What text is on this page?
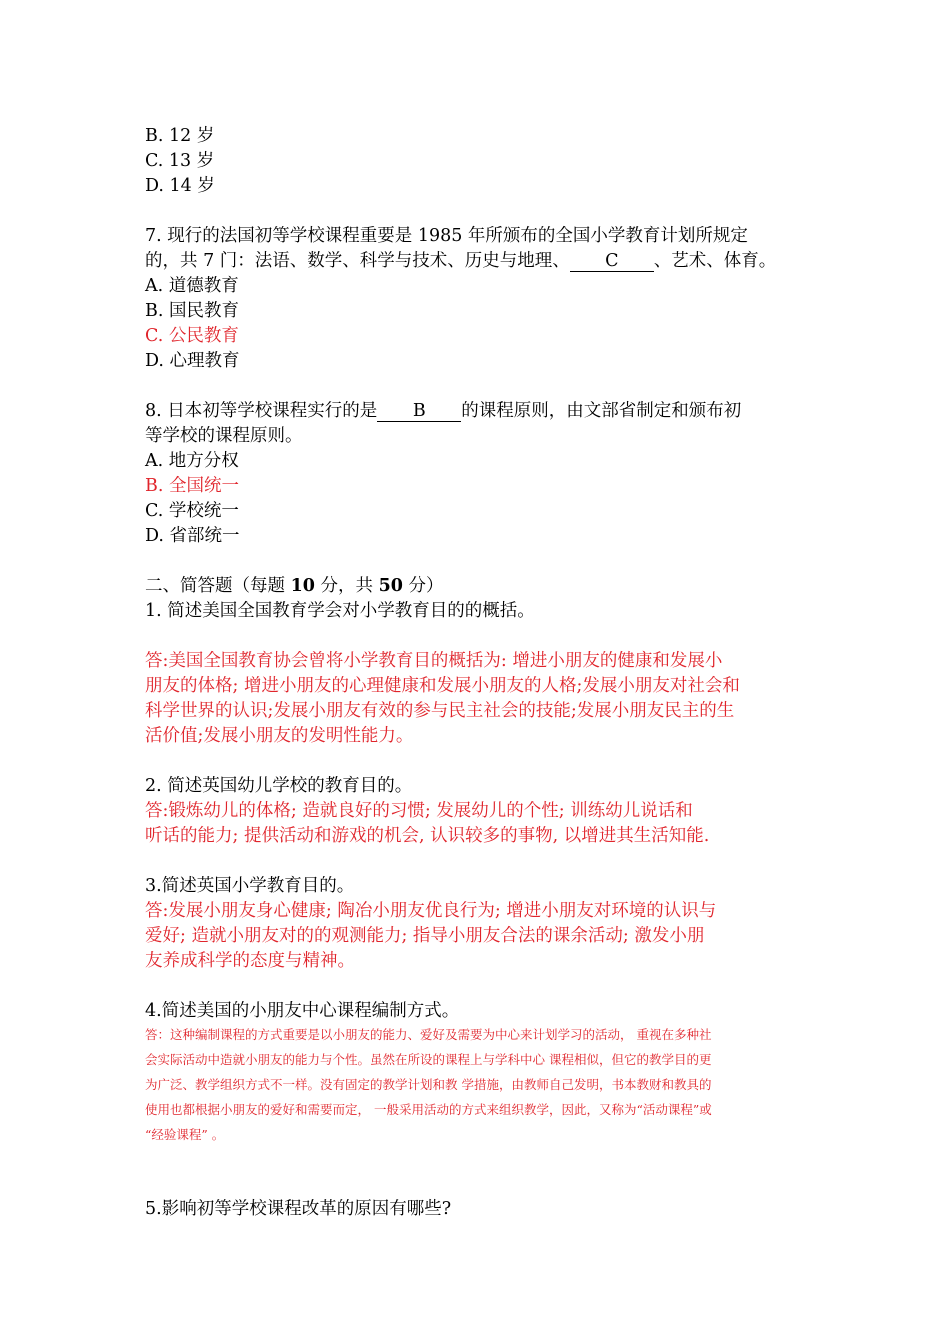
B. 12 岁
C. 13 岁
D. 14 岁
7. 现行的法国初等学校课程重要是 1985 年所颁布的全国小学教育计划所规定
的，共 7 门：法语、数学、科学与技术、历史与地理、 C 、艺术、体育。
A. 道德教育
B. 国民教育
C. 公民教育
D. 心理教育
8. 日本初等学校课程实行的是 B 的课程原则，由文部省制定和颁布初
等学校的课程原则。
A. 地方分权
B. 全国统一
C. 学校统一
D. 省部统一
二、简答题（每题 10 分，共 50 分）
1. 简述美国全国教育学会对小学教育目的的概括。
答:美国全国教育协会曾将小学教育目的概括为: 增进小朋友的健康和发展小
朋友的体格; 增进小朋友的心理健康和发展小朋友的人格;发展小朋友对社会和
科学世界的认识;发展小朋友有效的参与民主社会的技能;发展小朋友民主的生
活价值;发展小朋友的发明性能力。
2. 简述英国幼儿学校的教育目的。
答:锻炼幼儿的体格; 造就良好的习惯; 发展幼儿的个性; 训练幼儿说话和
听话的能力; 提供活动和游戏的机会, 认识较多的事物, 以增进其生活知能.
3.简述英国小学教育目的。
答:发展小朋友身心健康; 陶冶小朋友优良行为; 增进小朋友对环境的认识与
爱好; 造就小朋友对的的观测能力; 指导小朋友合法的课余活动; 激发小朋
友养成科学的态度与精神。
4.简述美国的小朋友中心课程编制方式。
答：这种编制课程的方式重要是以小朋友的能力、爱好及需要为中心来计划学习的活动， 重视在多种社
会实际活动中造就小朋友的能力与个性。虽然在所设的课程上与学科中心 课程相似，但它的教学目的更
为广泛、教学组织方式不一样。没有固定的教学计划和教 学措施，由教师自己发明，书本教财和教具的
使用也都根据小朋友的爱好和需要而定， 一般采用活动的方式来组织教学，因此，又称为“活动课程”或
“经验课程” 。
5.影响初等学校课程改革的原因有哪些?
